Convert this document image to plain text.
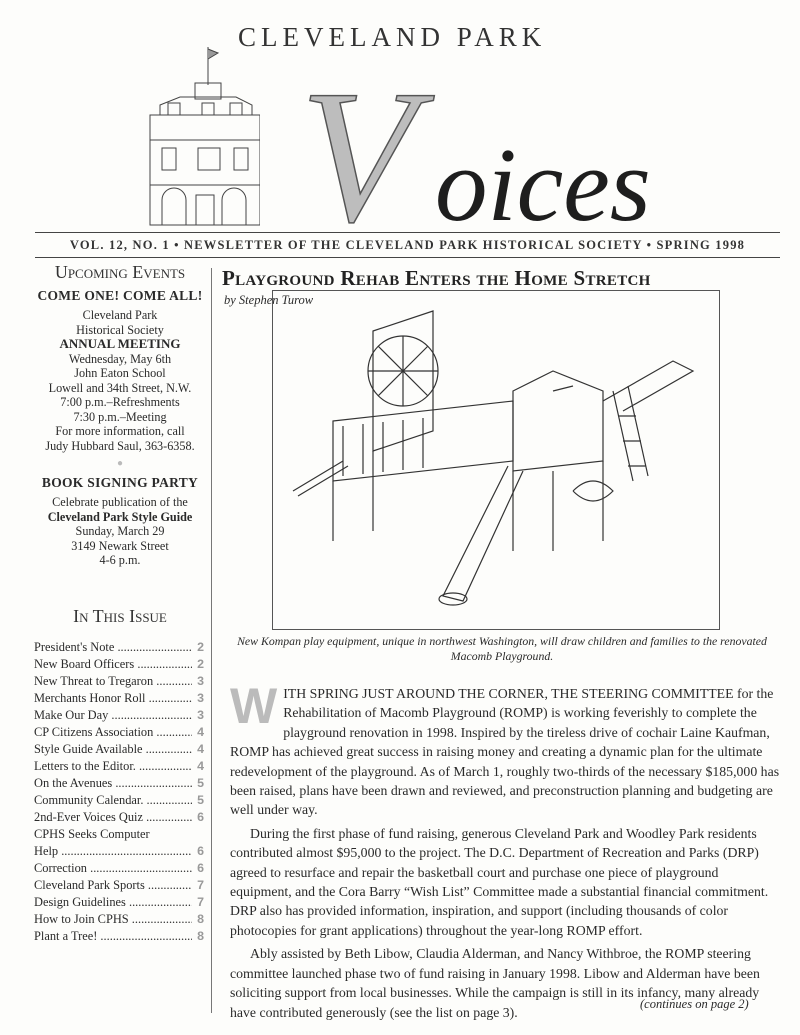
CLEVELAND PARK
V oices
VOL. 12, NO. 1 • NEWSLETTER OF THE CLEVELAND PARK HISTORICAL SOCIETY • SPRING 1998
Upcoming Events
COME ONE! COME ALL!
Cleveland Park
Historical Society
ANNUAL MEETING
Wednesday, May 6th
John Eaton School
Lowell and 34th Street, N.W.
7:00 p.m.–Refreshments
7:30 p.m.–Meeting
For more information, call
Judy Hubbard Saul, 363-6358.
●
BOOK SIGNING PARTY
Celebrate publication of the
Cleveland Park Style Guide
Sunday, March 29
3149 Newark Street
4-6 p.m.
In This Issue
President's Note .....	2
New Board Officers .....	2
New Threat to Tregaron .....	3
Merchants Honor Roll .....	3
Make Our Day .....	3
CP Citizens Association .....	4
Style Guide Available .....	4
Letters to the Editor. .....	4
On the Avenues .....	5
Community Calendar. .....	5
2nd-Ever Voices Quiz .....	6
CPHS Seeks Computer
Help .....	6
Correction .....	6
Cleveland Park Sports .....	7
Design Guidelines .....	7
How to Join CPHS .....	8
Plant a Tree! .....	8
Playground Rehab Enters the Home Stretch
by Stephen Turow
New Kompan play equipment, unique in northwest Washington, will draw children and families to the renovated Macomb Playground.

WITH SPRING JUST AROUND THE CORNER, THE STEERING COMMITTEE for the Rehabilitation of Macomb Playground (ROMP) is working feverishly to complete the playground renovation in 1998. Inspired by the tireless drive of cochair Laine Kaufman, ROMP has achieved great success in raising money and creating a dynamic plan for the ultimate redevelopment of the playground. As of March 1, roughly two-thirds of the necessary $185,000 has been raised, plans have been drawn and reviewed, and preconstruction planning and budgeting are well under way.

During the first phase of fund raising, generous Cleveland Park and Woodley Park residents contributed almost $95,000 to the project. The D.C. Department of Recreation and Parks (DRP) agreed to resurface and repair the basketball court and purchase one piece of playground equipment, and the Cora Barry “Wish List” Committee made a substantial financial commitment. DRP also has provided information, inspiration, and support (including thousands of color photocopies for grant applications) throughout the year-long ROMP effort.

Ably assisted by Beth Libow, Claudia Alderman, and Nancy Withbroe, the ROMP steering committee launched phase two of fund raising in January 1998. Libow and Alderman have been soliciting support from local businesses. While the campaign is still in its infancy, many already have contributed generously (see the list on page 3).

(continues on page 2)
